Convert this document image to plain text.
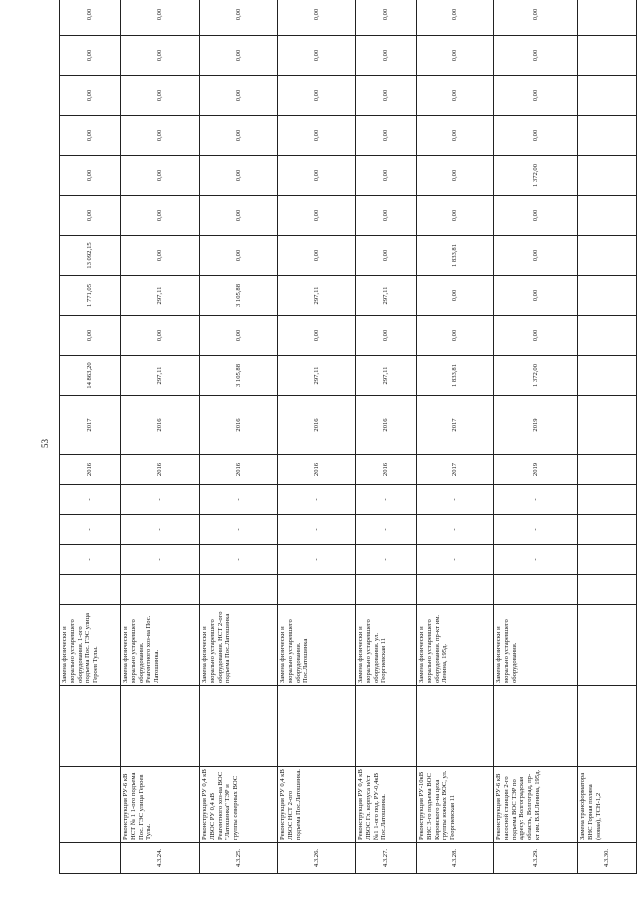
53
			Замена физически и морально устаревшего оборудования. 1-ого подъема Пос. ГЭС улица Героев Тулы.		-	-	-	2016	2017	14 863,20	0,00	1 771,05	13 092,15	0,00	0,00	0,00	0,00	0,00	0,00	
4.3.24.	Реконструкция РУ-6 кВ НСТ № 1 1-ого подъема Пос. ГЭС улица Героев Тулы.		Замена физически и морально устаревшего оборудования. Реагентного хоз-ва Пос. Латошинка.		-	-	-	2016	2016	297,11	0,00	297,11	0,00	0,00	0,00	0,00	0,00	0,00	0,00	
4.3.25.	Реконструкция РУ 0,4 кВ ЛВОС РУ 0,4 кВ Реагентного хоз-ва ВОС "Латошинка" ТЭР и группы северных ВОС		Замена физически и морально устаревшего оборудования. НСТ 2-ого подъема Пос.Латошинка		-	-	-	2016	2016	3 105,88	0,00	3 105,88	0,00	0,00	0,00	0,00	0,00	0,00	0,00	
4.3.26.	Реконструкция РУ 0,4 кВ ЛВОС НСТ 2-ого подъема Пос.Латошинка.		Замена физически и морально устаревшего оборудования. Пос.Латошинка		-	-	-	2016	2016	297,11	0,00	297,11	0,00	0,00	0,00	0,00	0,00	0,00	0,00	
4.3.27.	Реконструкция РУ 0,4 кВ ЛВОС Гл. корпуса н/ст №1 1-ого под. РУ-0,4кВ Пос.Латошинка.		Замена физически и морально устаревшего оборудования. ул. Георгиевская 11		-	-	-	2016	2016	297,11	0,00	297,11	0,00	0,00	0,00	0,00	0,00	0,00	0,00	
4.3.28.	Реконструкция РУ-10кВ ВНС 3-го подъема ВОС Кировского р-на цеха группы южных ВОС, ул. Георгиевская 11		Замена физически и морально устаревшего оборудования. пр-кт им. Ленина, 195д.		-	-	-	2017	2017	1 833,81	0,00	0,00	1 833,81	0,00	0,00	0,00	0,00	0,00	0,00	
4.3.29.	Реконструкция РУ-6 кВ насосной станции 2-го подъема ВОС ТЭР по адресу: Волгоградская область, Волгоград, пр-кт им. В.И.Ленина, 195д.		Замена физически и морально устаревшего оборудования.		-	-	-	2019	2019	1 372,00	0,00	0,00	0,00	0,00	1 372,00	0,00	0,00	0,00	0,00	
4.3.30.	Замена трансформатора ВНС Горная поляна (новая), ТСН-1,2																			
